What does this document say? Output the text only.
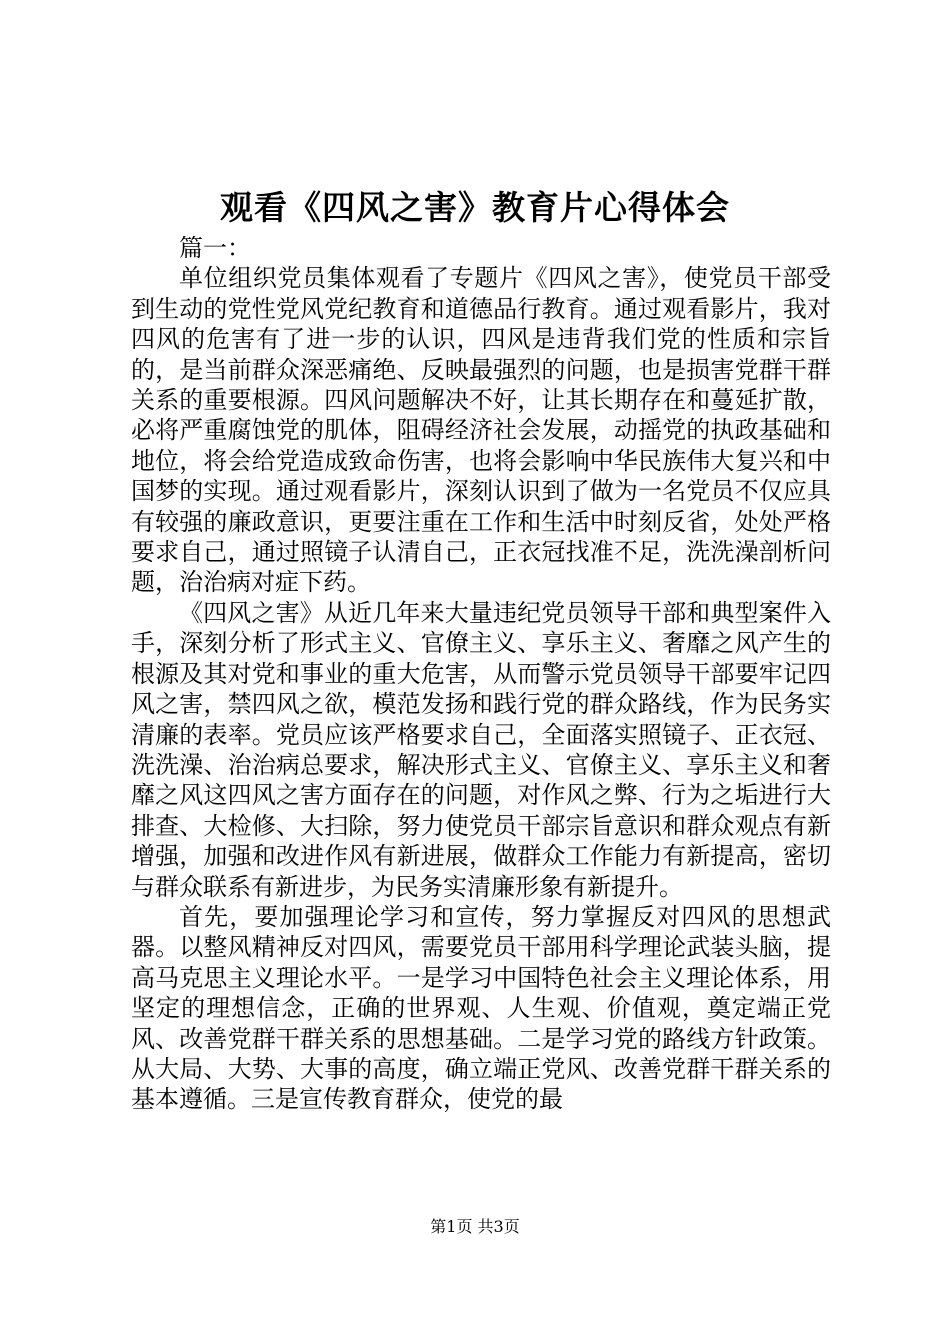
观看《四风之害》教育片心得体会

篇一：

单位组织党员集体观看了专题片《四风之害》，使党员干部受到生动的党性党风党纪教育和道德品行教育。通过观看影片，我对四风的危害有了进一步的认识，四风是违背我们党的性质和宗旨的，是当前群众深恶痛绝、反映最强烈的问题，也是损害党群干群关系的重要根源。四风问题解决不好，让其长期存在和蔓延扩散，必将严重腐蚀党的肌体，阻碍经济社会发展，动摇党的执政基础和地位，将会给党造成致命伤害，也将会影响中华民族伟大复兴和中国梦的实现。通过观看影片，深刻认识到了做为一名党员不仅应具有较强的廉政意识，更要注重在工作和生活中时刻反省，处处严格要求自己，通过照镜子认清自己，正衣冠找准不足，洗洗澡剖析问题，治治病对症下药。

《四风之害》从近几年来大量违纪党员领导干部和典型案件入手，深刻分析了形式主义、官僚主义、享乐主义、奢靡之风产生的根源及其对党和事业的重大危害，从而警示党员领导干部要牢记四风之害，禁四风之欲，模范发扬和践行党的群众路线，作为民务实清廉的表率。党员应该严格要求自己，全面落实照镜子、正衣冠、洗洗澡、治治病总要求，解决形式主义、官僚主义、享乐主义和奢靡之风这四风之害方面存在的问题，对作风之弊、行为之垢进行大排查、大检修、大扫除，努力使党员干部宗旨意识和群众观点有新增强，加强和改进作风有新进展，做群众工作能力有新提高，密切与群众联系有新进步，为民务实清廉形象有新提升。

首先，要加强理论学习和宣传，努力掌握反对四风的思想武器。以整风精神反对四风，需要党员干部用科学理论武装头脑，提高马克思主义理论水平。一是学习中国特色社会主义理论体系，用坚定的理想信念，正确的世界观、人生观、价值观，奠定端正党风、改善党群干群关系的思想基础。二是学习党的路线方针政策。从大局、大势、大事的高度，确立端正党风、改善党群干群关系的基本遵循。三是宣传教育群众，使党的最

第1页 共3页
